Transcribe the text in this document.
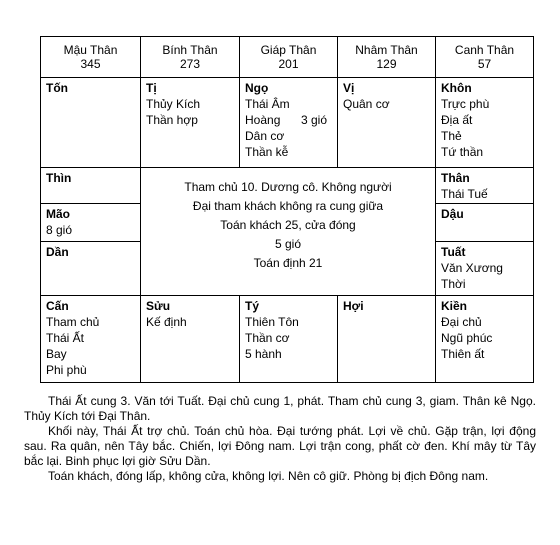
Mậu Thân
345
Bính Thân
273
Giáp Thân
201
Nhâm Thân
129
Canh Thân
57
Tốn	Tị
Thủy Kích
Thần hợp
Ngọ
Thái Âm
Hoàng 3 gió
Dân cơ
Thần kễ
Vị
Quân cơ
Khôn
Trực phù
Địa ất
Thẻ
Tứ thần
Thìn
Mão
8 gió
Dần
Tham chủ 10. Dương cô. Không người
Đại tham khách không ra cung giữa
Toán khách 25, cửa đóng
5 gió
Toán định 21
Thân
Thái Tuế
Dậu
Tuất
Văn Xương
Thời
Cấn
Tham chủ
Thái Ất
Bay
Phi phù
Sửu
Kế định
Tý
Thiên Tôn
Thần cơ
5 hành
Hợi	Kiền
Đại chủ
Ngũ phúc
Thiên ất

Thái Ất cung 3. Văn tới Tuất. Đại chủ cung 1, phát. Tham chủ cung 3, giam. Thân kê Ngọ. Thủy Kích tới Đại Thân.

Khối này, Thái Ất trợ chủ. Toán chủ hòa. Đại tướng phát. Lợi về chủ. Gặp trận, lợi động sau. Ra quân, nên Tây bắc. Chiến, lợi Đông nam. Lợi trận cong, phất cờ đen. Khí mây từ Tây bắc lại. Binh phục lợi giờ Sửu Dần.

Toán khách, đóng lấp, không cửa, không lợi. Nên cô giữ. Phòng bị địch Đông nam.
